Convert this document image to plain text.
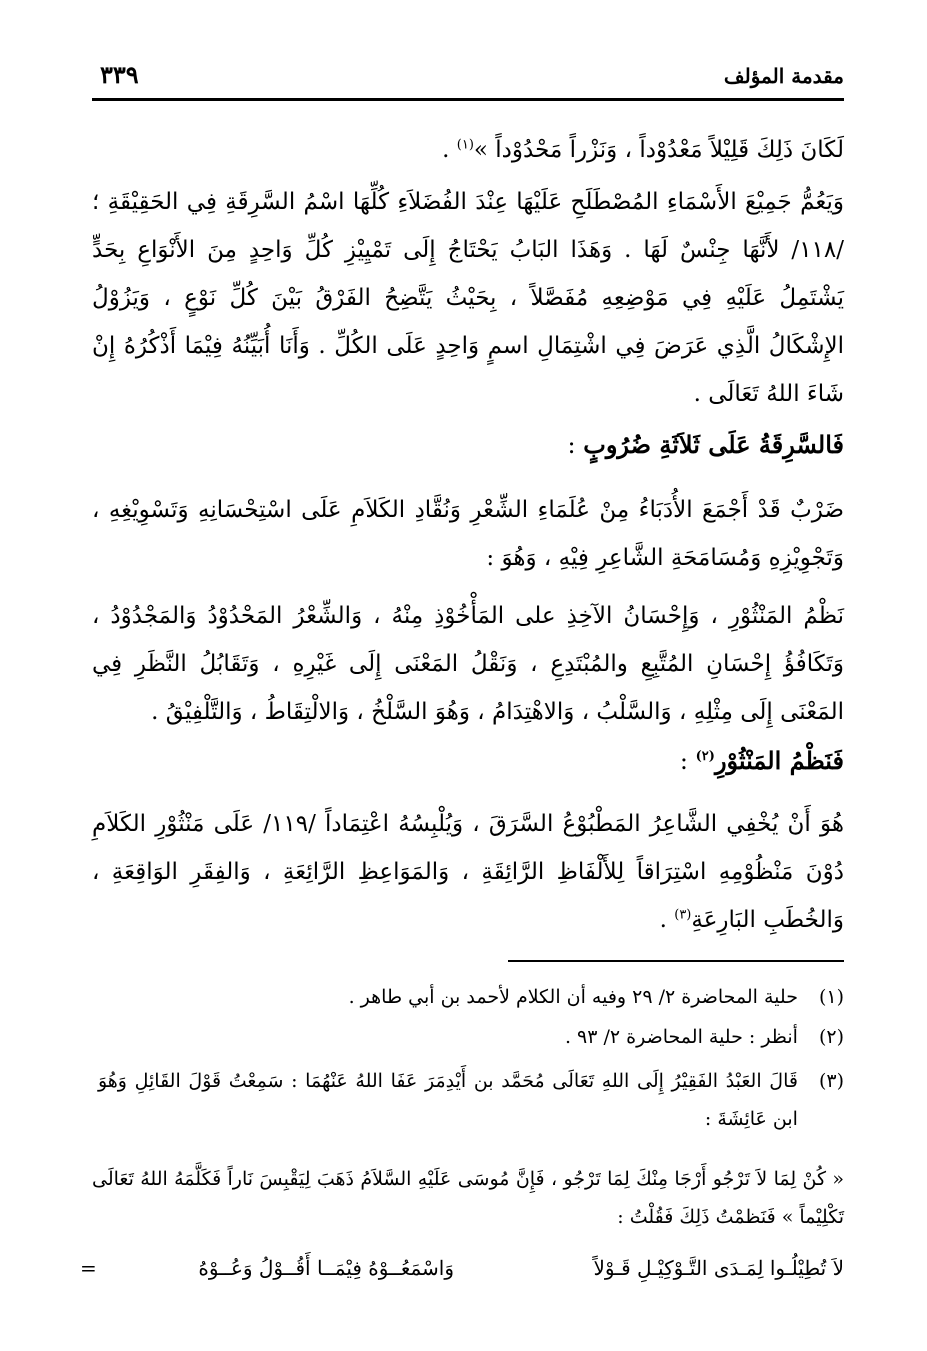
مقدمة المؤلف
٣٣٩
لَكَانَ ذَلِكَ قَلِيْلاً مَعْدُوْداً ، وَنَزْراً مَحْدُوْداً »$^{(١)}$ .
وَيَعُمُّ جَمِيْعَ الأَسْمَاءِ المُصْطَلَحِ عَلَيْهَا عِنْدَ الفُضَلاَءِ كُلِّهَا اسْمُ السَّرِقَةِ فِي الحَقِيْقَةِ ؛ /١١٨/ لأَنَّهَا جِنْسٌ لَهَا . وَهَذَا البَابُ يَحْتَاجُ إِلَى تَمْيِيْزِ كُلِّ وَاحِدٍ مِنَ الأَنْوَاعِ بِحَدٍّ يَشْتَمِلُ عَلَيْهِ فِي مَوْضِعِهِ مُفَصَّلاً ، بِحَيْثُ يَتَّضِحُ الفَرْقُ بَيْنَ كُلِّ نَوْعٍ ، وَيَزُوْلُ الإِشْكَالُ الَّذِي عَرَضَ فِي اشْتِمَالِ اسمٍ وَاحِدٍ عَلَى الكُلِّ . وَأَنَا أُبَيِّنُهُ فِيْمَا أَذْكُرُهُ إِنْ شَاءَ اللهُ تَعَالَى .
فَالسَّرِقَةُ عَلَى ثَلاَثَةِ ضُرُوبٍ :
ضَرْبٌ قَدْ أَجْمَعَ الأُدَبَاءُ مِنْ عُلَمَاءِ الشِّعْرِ وَنُقَّادِ الكَلاَمِ عَلَى اسْتِحْسَانِهِ وَتَسْوِيْغِهِ ، وَتَجْوِيْزِهِ وَمُسَامَحَةِ الشَّاعِرِ فِيْهِ ، وَهُوَ :
نَظْمُ المَنْثُوْرِ ، وَإِحْسَانُ الآخِذِ على المَأْخُوْذِ مِنْهُ ، وَالشِّعْرُ المَحْدُوْدُ وَالمَجْدُوْدُ ، وَتَكَافُؤُ إِحْسَانِ المُتَّبِعِ والمُبْتَدِعِ ، وَنَقْلُ المَعْنَى إِلَى غَيْرِهِ ، وَتَقَابُلُ النَّظَرِ فِي المَعْنَى إِلَى مِثْلِهِ ، وَالسَّلْبُ ، وَالاهْتِدَامُ ، وَهُوَ السَّلْخُ ، وَالالْتِقَاطُ ، وَالتَّلْفِيْقُ .
فَنَظْمُ المَنْثُوْرِ$^{(٢)}$ :
هُوَ أَنْ يُخْفِي الشَّاعِرُ المَطْبُوْعُ السَّرَقَ ، وَيُلْبِسُهُ اعْتِمَاداً /١١٩/ عَلَى مَنْثُوْرِ الكَلاَمِ دُوْنَ مَنْظُوْمِهِ اسْتِرَاقاً لِلأَلْفَاظِ الرَّائِقَةِ ، وَالمَوَاعِظِ الرَّائِعَةِ ، وَالفِقَرِ الوَاقِعَةِ ، وَالخُطَبِ البَارِعَةِ$^{(٣)}$ .
(١) حلية المحاضرة ٢/ ٢٩ وفيه أن الكلام لأحمد بن أبي طاهر .
(٢) أنظر : حلية المحاضرة ٢/ ٩٣ .
(٣) قَالَ العَبْدُ الفَقِيْرُ إِلَى اللهِ تَعَالَى مُحَمَّد بن أَيْدِمَرَ عَفَا اللهُ عَنْهُمَا : سَمِعْتُ قَوْلَ القَائِلِ وَهُوَ ابن عَائِشَةَ :
« كُنْ لِمَا لاَ تَرْجُو أَرْجَا مِنْكَ لِمَا تَرْجُو ، فَإِنَّ مُوسَى عَلَيْهِ السَّلاَمُ ذَهَبَ لِيَقْبِسَ نَاراً فَكَلَّمَهُ اللهُ تَعَالَى تَكْلِيْماً » فَنَظمْتُ ذَلِكَ فَقُلْتُ :
لاَ تُطِيْلُـوا لِمَـدَى التَّـوْكِيْـلِ قَـوْلاً
وَاسْمَعُــوْهُ فِيْمَــا أَقُــوْلُ وَعُــوْهُ
=
